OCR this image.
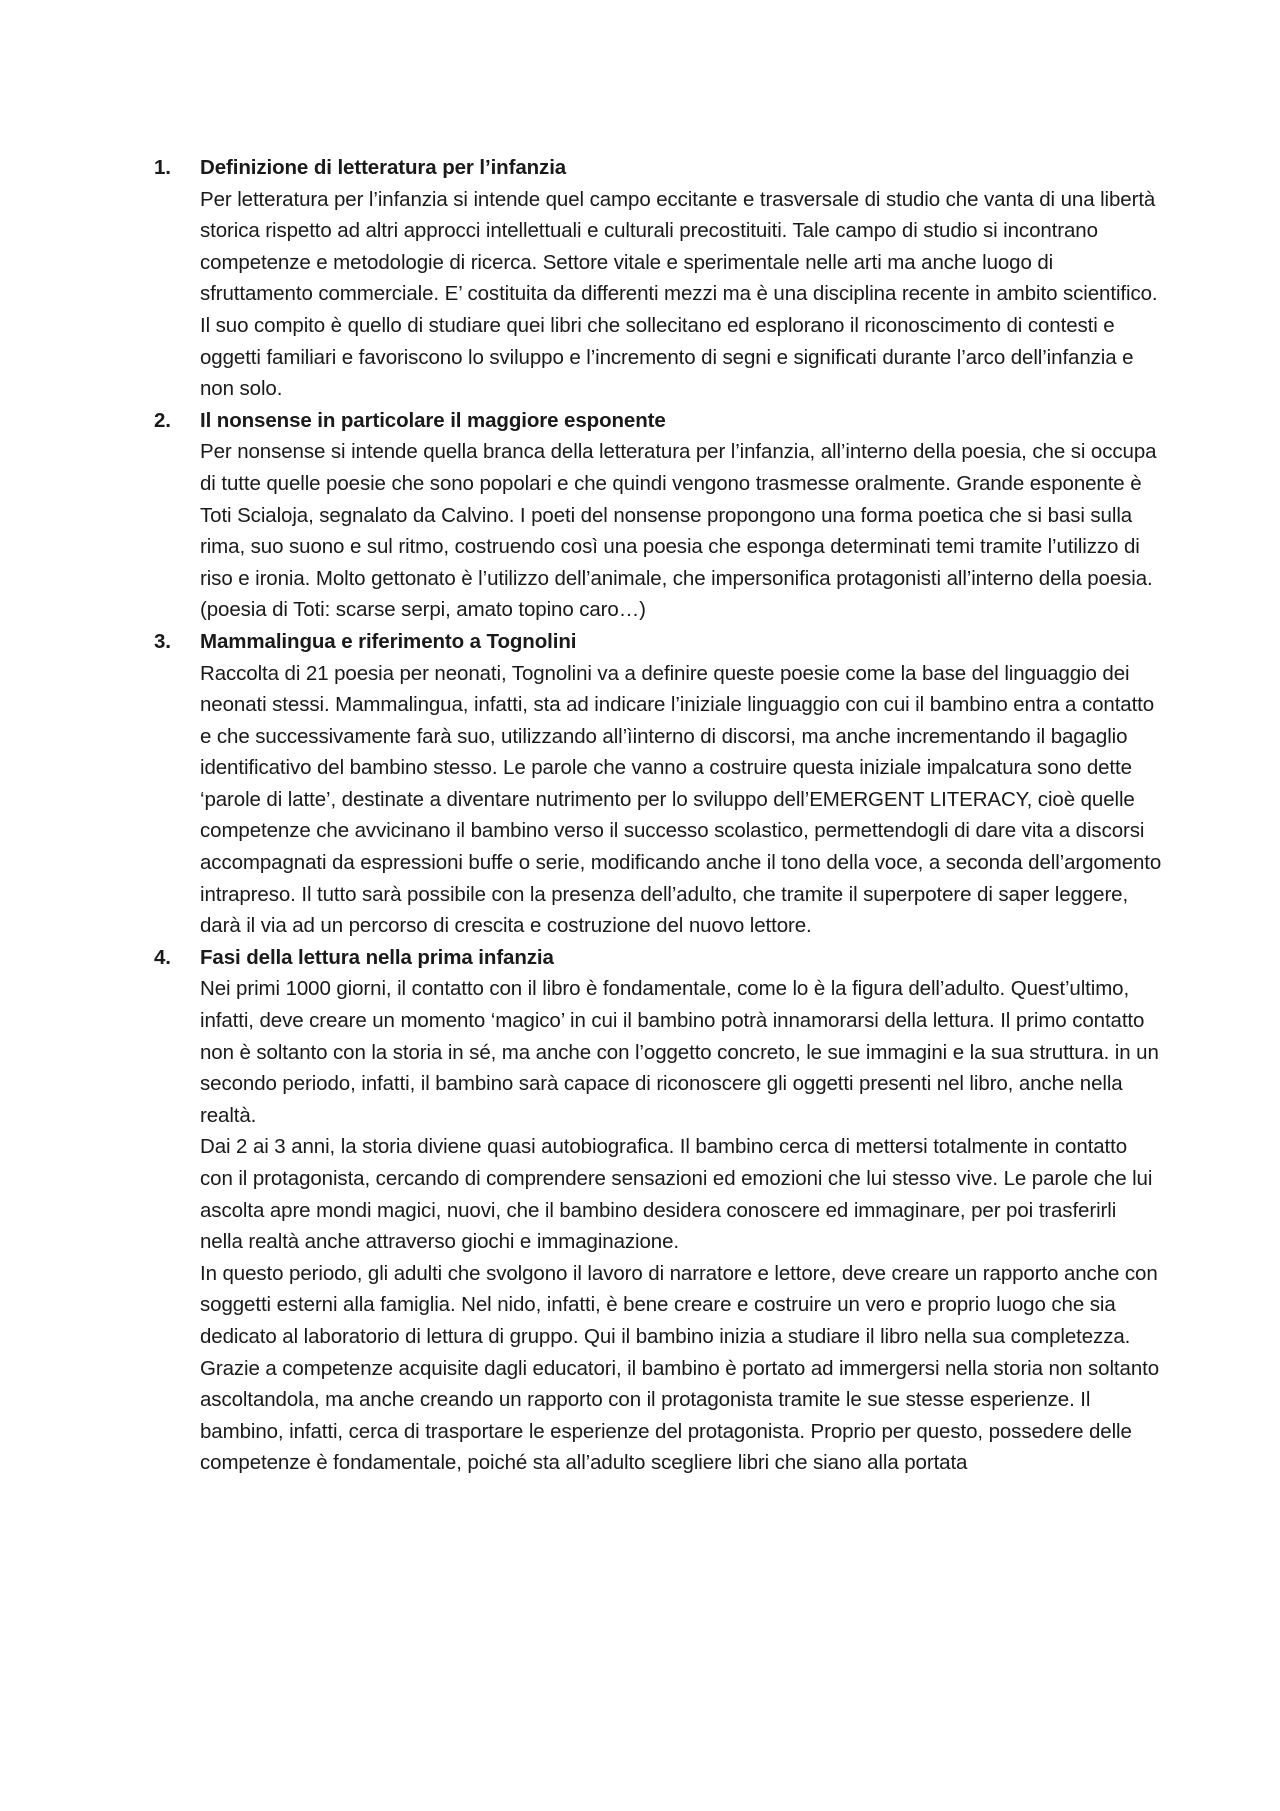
1. Definizione di letteratura per l’infanzia

Per letteratura per l’infanzia si intende quel campo eccitante e trasversale di studio che vanta di una libertà storica rispetto ad altri approcci intellettuali e culturali precostituiti. Tale campo di studio si incontrano competenze e metodologie di ricerca. Settore vitale e sperimentale nelle arti ma anche luogo di sfruttamento commerciale. E’ costituita da differenti mezzi ma è una disciplina recente in ambito scientifico. Il suo compito è quello di studiare quei libri che sollecitano ed esplorano il riconoscimento di contesti e oggetti familiari e favoriscono lo sviluppo e l’incremento di segni e significati durante l’arco dell’infanzia e non solo.

2. Il nonsense in particolare il maggiore esponente

Per nonsense si intende quella branca della letteratura per l’infanzia, all’interno della poesia, che si occupa di tutte quelle poesie che sono popolari e che quindi vengono trasmesse oralmente. Grande esponente è Toti Scialoja, segnalato da Calvino. I poeti del nonsense propongono una forma poetica che si basi sulla rima, suo suono e sul ritmo, costruendo così una poesia che esponga determinati temi tramite l’utilizzo di riso e ironia. Molto gettonato è l’utilizzo dell’animale, che impersonifica protagonisti all’interno della poesia. (poesia di Toti: scarse serpi, amato topino caro…)

3. Mammalingua e riferimento a Tognolini

Raccolta di 21 poesia per neonati, Tognolini va a definire queste poesie come la base del linguaggio dei neonati stessi. Mammalingua, infatti, sta ad indicare l’iniziale linguaggio con cui il bambino entra a contatto e che successivamente farà suo, utilizzando all’ìinterno di discorsi, ma anche incrementando il bagaglio identificativo del bambino stesso. Le parole che vanno a costruire questa iniziale impalcatura sono dette ‘parole di latte’, destinate a diventare nutrimento per lo sviluppo dell’EMERGENT LITERACY, cioè quelle competenze che avvicinano il bambino verso il successo scolastico, permettendogli di dare vita a discorsi accompagnati da espressioni buffe o serie, modificando anche il tono della voce, a seconda dell’argomento intrapreso. Il tutto sarà possibile con la presenza dell’adulto, che tramite il superpotere di saper leggere, darà il via ad un percorso di crescita e costruzione del nuovo lettore.

4. Fasi della lettura nella prima infanzia

Nei primi 1000 giorni, il contatto con il libro è fondamentale, come lo è la figura dell’adulto. Quest’ultimo, infatti, deve creare un momento ‘magico’ in cui il bambino potrà innamorarsi della lettura. Il primo contatto non è soltanto con la storia in sé, ma anche con l’oggetto concreto, le sue immagini e la sua struttura. in un secondo periodo, infatti, il bambino sarà capace di riconoscere gli oggetti presenti nel libro, anche nella realtà.

Dai 2 ai 3 anni, la storia diviene quasi autobiografica. Il bambino cerca di mettersi totalmente in contatto con il protagonista, cercando di comprendere sensazioni ed emozioni che lui stesso vive. Le parole che lui ascolta apre mondi magici, nuovi, che il bambino desidera conoscere ed immaginare, per poi trasferirli nella realtà anche attraverso giochi e immaginazione.

In questo periodo, gli adulti che svolgono il lavoro di narratore e lettore, deve creare un rapporto anche con soggetti esterni alla famiglia. Nel nido, infatti, è bene creare e costruire un vero e proprio luogo che sia dedicato al laboratorio di lettura di gruppo. Qui il bambino inizia a studiare il libro nella sua completezza. Grazie a competenze acquisite dagli educatori, il bambino è portato ad immergersi nella storia non soltanto ascoltandola, ma anche creando un rapporto con il protagonista tramite le sue stesse esperienze. Il bambino, infatti, cerca di trasportare le esperienze del protagonista. Proprio per questo, possedere delle competenze è fondamentale, poiché sta all’adulto scegliere libri che siano alla portata
